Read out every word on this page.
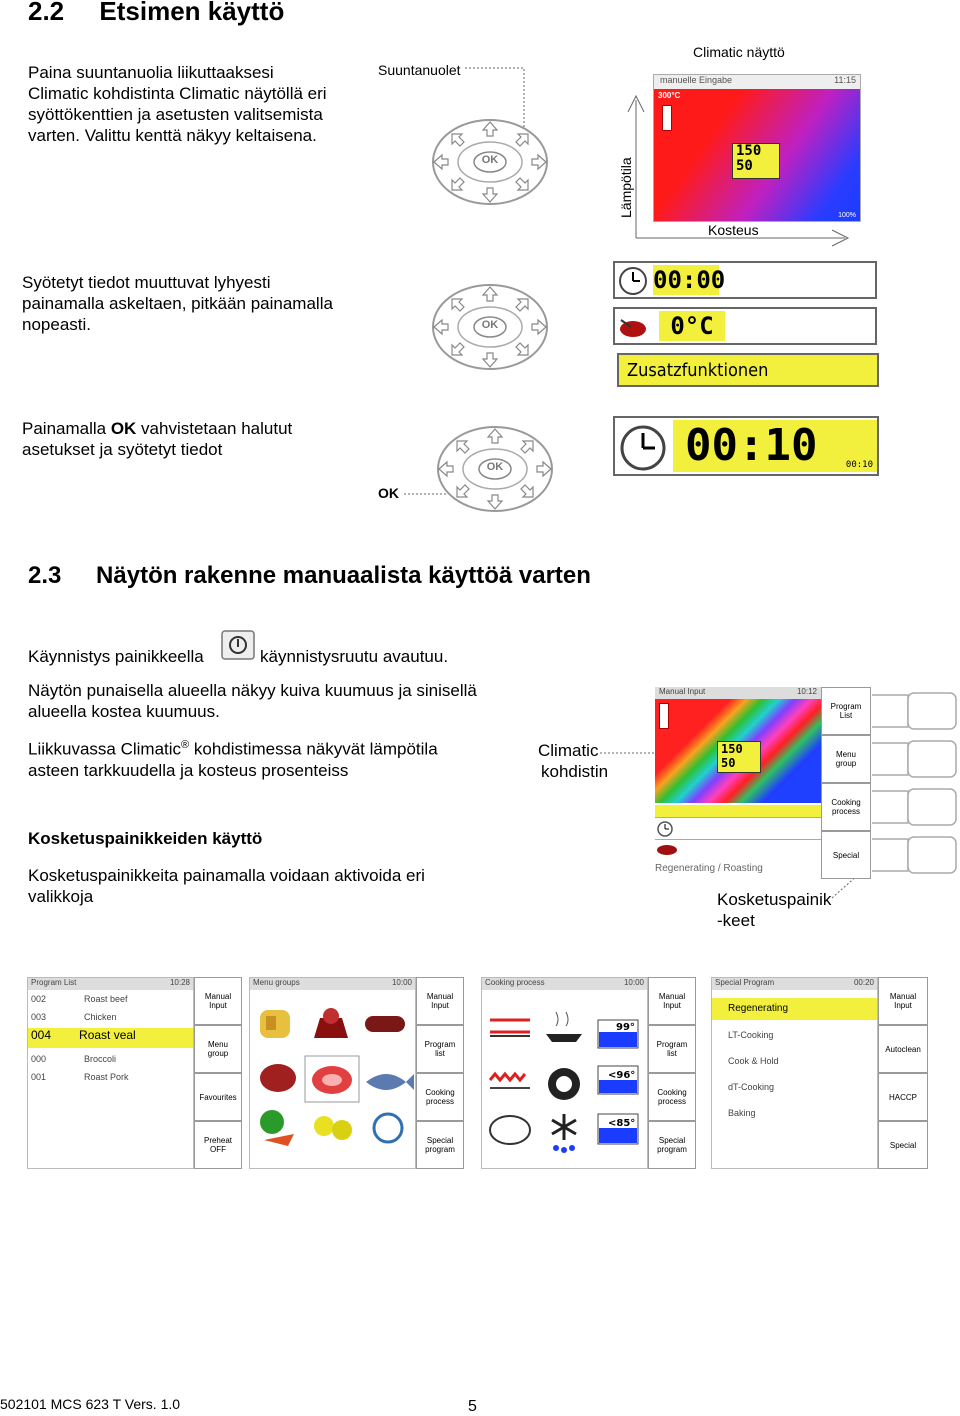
2.2 Etsimen käyttö
Paina suuntanuolia liikuttaaksesi
Climatic kohdistinta Climatic näytöllä eri
syöttökenttien ja asetusten valitsemista
varten. Valittu kenttä näkyy keltaisena.
Suuntanuolet
Climatic näyttö
OK
manuelle Eingabe	11:15
300°C
150
50
100%
Lämpötila
Kosteus
Syötetyt tiedot muuttuvat lyhyesti
painamalla askeltaen, pitkään painamalla
nopeasti.	OK
00:00
0°C
Zusatzfunktionen
Painamalla OK vahvistetaan halutut
asetukset ja syötetyt tiedot
OK
OK	00:10	00:10
2.3 Näytön rakenne manuaalista käyttöä varten
Käynnistys painikkeella	käynnistysruutu avautuu.
Näytön punaisella alueella näkyy kuiva kuumuus ja sinisellä
alueella kostea kuumuus.
Liikkuvassa Climatic® kohdistimessa näkyvät lämpötila
asteen tarkkuudella ja kosteus prosenteiss
Climatic
kohdistin
Manual Input	10:12
150
50
Regenerating / Roasting
Program
List
Menu
group
Cooking
process
Special
Kosketuspainikkeiden käyttö
Kosketuspainikkeita painamalla voidaan aktivoida eri
valikkoja	Kosketuspainik
-keet
Program List	10:28
002	Roast beef
003	Chicken
004 Roast veal
000	Broccoli
001	Roast Pork
Manual
Input
Menu
group
Favourites
Preheat
OFF
Menu groups	10:00
Manual
Input
Program
list
Cooking
process
Special
program
Cooking process	10:00
99°
<96°
<85°
Manual
Input
Program
list
Cooking
process
Special
program
Special Program	00:20
Regenerating
LT-Cooking
Cook & Hold
dT-Cooking
Baking
Manual
Input
Autoclean
HACCP
Special
502101 MCS 623 T Vers. 1.0	5
